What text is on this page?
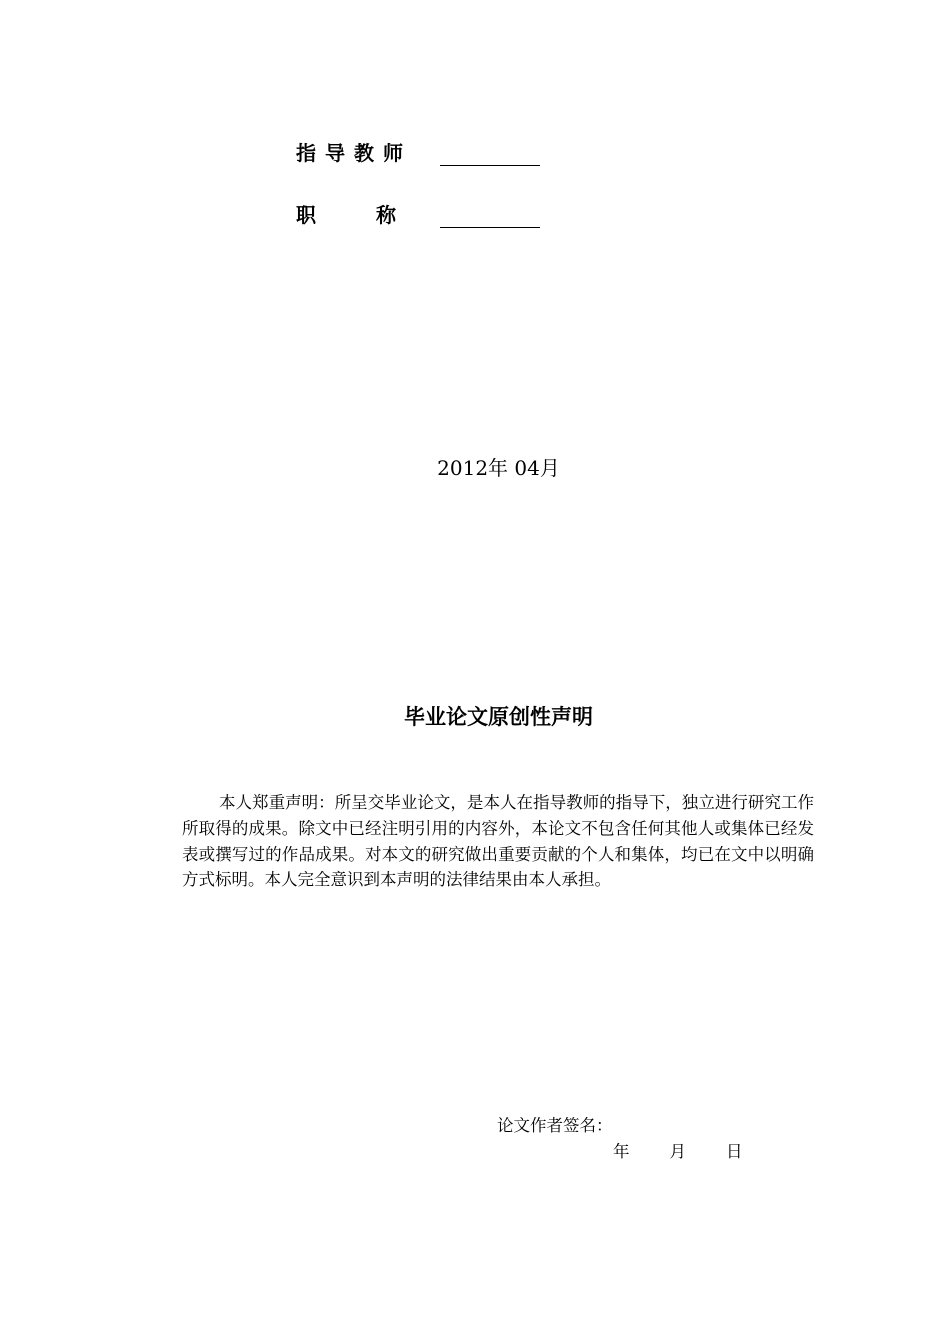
指导教师
职　　　称
2012年 04月
毕业论文原创性声明

本人郑重声明：所呈交毕业论文，是本人在指导教师的指导下，独立进行研究工作所取得的成果。除文中已经注明引用的内容外，本论文不包含任何其他人或集体已经发表或撰写过的作品成果。对本文的研究做出重要贡献的个人和集体，均已在文中以明确方式标明。本人完全意识到本声明的法律结果由本人承担。

论文作者签名：
年 月 日
